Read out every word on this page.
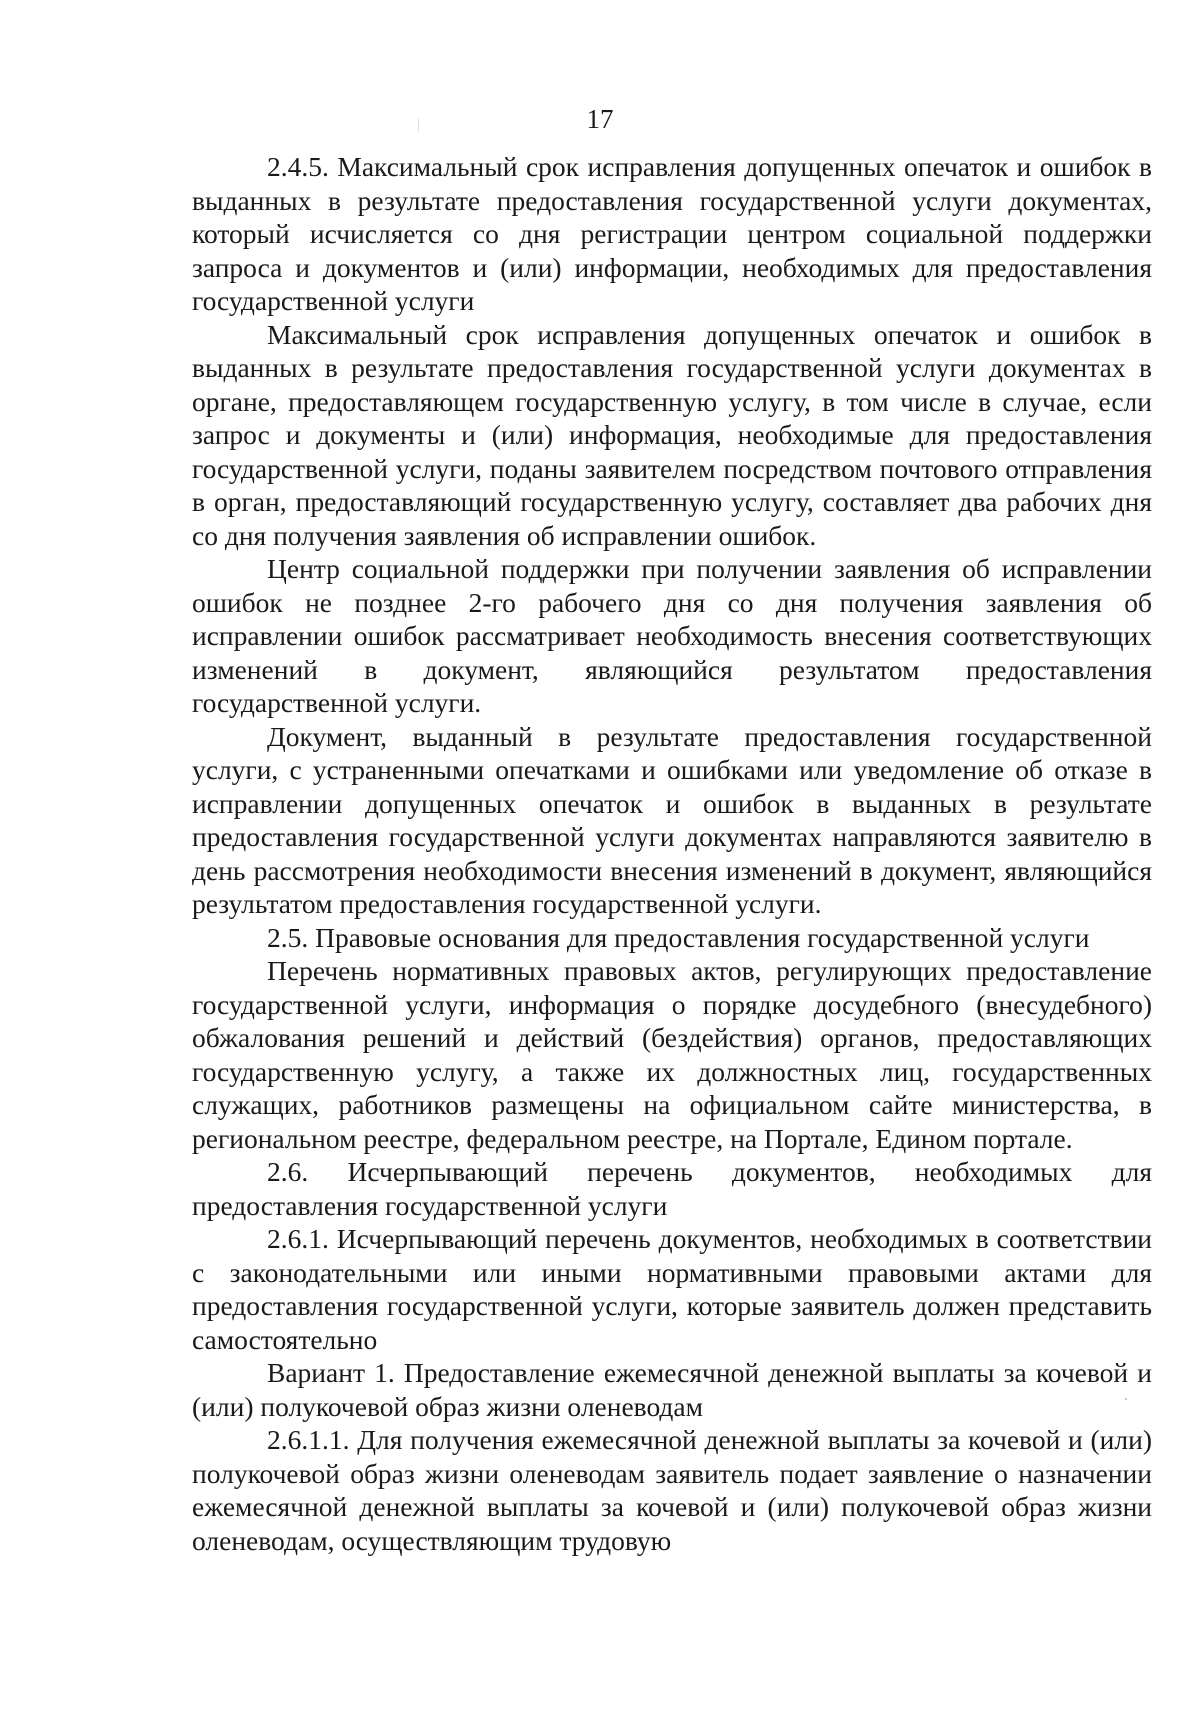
17

2.4.5. Максимальный срок исправления допущенных опечаток и ошибок в выданных в результате предоставления государственной услуги документах, который исчисляется со дня регистрации центром социальной поддержки запроса и документов и (или) информации, необходимых для предоставления государственной услуги

Максимальный срок исправления допущенных опечаток и ошибок в выданных в результате предоставления государственной услуги документах в органе, предоставляющем государственную услугу, в том числе в случае, если запрос и документы и (или) информация, необходимые для предоставления государственной услуги, поданы заявителем посредством почтового отправления в орган, предоставляющий государственную услугу, составляет два рабочих дня со дня получения заявления об исправлении ошибок.

Центр социальной поддержки при получении заявления об исправлении ошибок не позднее 2-го рабочего дня со дня получения заявления об исправлении ошибок рассматривает необходимость внесения соответствующих изменений в документ, являющийся результатом предоставления государственной услуги.

Документ, выданный в результате предоставления государственной услуги, с устраненными опечатками и ошибками или уведомление об отказе в исправлении допущенных опечаток и ошибок в выданных в результате предоставления государственной услуги документах направляются заявителю в день рассмотрения необходимости внесения изменений в документ, являющийся результатом предоставления государственной услуги.

2.5. Правовые основания для предоставления государственной услуги

Перечень нормативных правовых актов, регулирующих предоставление государственной услуги, информация о порядке досудебного (внесудебного) обжалования решений и действий (бездействия) органов, предоставляющих государственную услугу, а также их должностных лиц, государственных служащих, работников размещены на официальном сайте министерства, в региональном реестре, федеральном реестре, на Портале, Едином портале.

2.6. Исчерпывающий перечень документов, необходимых для предоставления государственной услуги

2.6.1. Исчерпывающий перечень документов, необходимых в соответствии с законодательными или иными нормативными правовыми актами для предоставления государственной услуги, которые заявитель должен представить самостоятельно

Вариант 1. Предоставление ежемесячной денежной выплаты за кочевой и (или) полукочевой образ жизни оленеводам

2.6.1.1. Для получения ежемесячной денежной выплаты за кочевой и (или) полукочевой образ жизни оленеводам заявитель подает заявление о назначении ежемесячной денежной выплаты за кочевой и (или) полукочевой образ жизни оленеводам, осуществляющим трудовую
